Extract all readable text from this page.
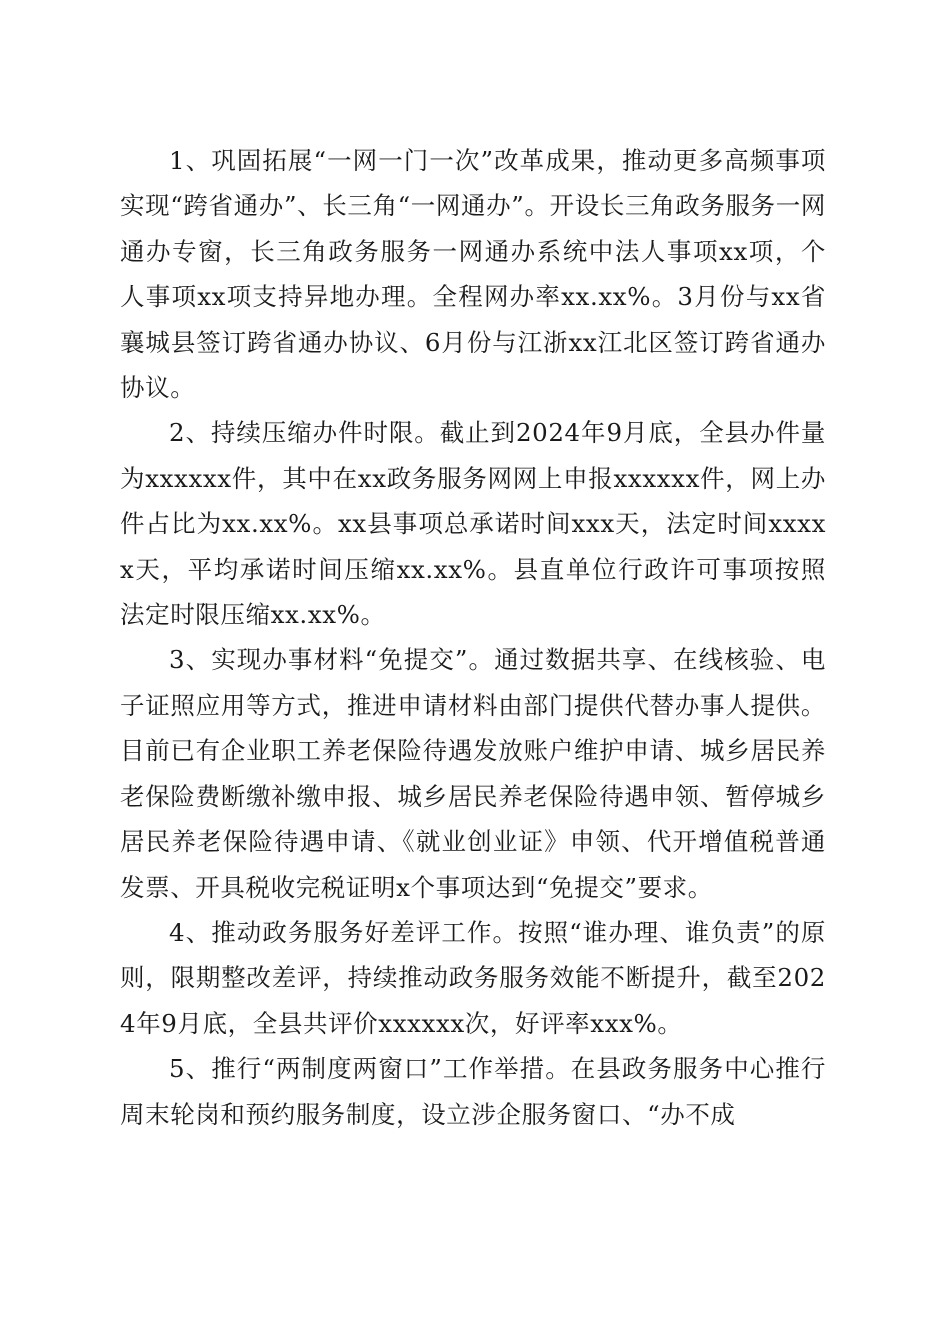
1、巩固拓展“一网一门一次”改革成果，推动更多高频事项实现“跨省通办”、长三角“一网通办”。开设长三角政务服务一网通办专窗，长三角政务服务一网通办系统中法人事项xx项，个人事项xx项支持异地办理。全程网办率xx.xx%。3月份与xx省襄城县签订跨省通办协议、6月份与江浙xx江北区签订跨省通办协议。

2、持续压缩办件时限。截止到2024年9月底，全县办件量为xxxxxx件，其中在xx政务服务网网上申报xxxxxx件，网上办件占比为xx.xx%。xx县事项总承诺时间xxx天，法定时间xxxxx天，平均承诺时间压缩xx.xx%。县直单位行政许可事项按照法定时限压缩xx.xx%。

3、实现办事材料“免提交”。通过数据共享、在线核验、电子证照应用等方式，推进申请材料由部门提供代替办事人提供。目前已有企业职工养老保险待遇发放账户维护申请、城乡居民养老保险费断缴补缴申报、城乡居民养老保险待遇申领、暂停城乡居民养老保险待遇申请、《就业创业证》申领、代开增值税普通发票、开具税收完税证明x个事项达到“免提交”要求。

4、推动政务服务好差评工作。按照“谁办理、谁负责”的原则，限期整改差评，持续推动政务服务效能不断提升，截至2024年9月底，全县共评价xxxxxx次，好评率xxx%。

5、推行“两制度两窗口”工作举措。在县政务服务中心推行周末轮岗和预约服务制度，设立涉企服务窗口、“办不成
